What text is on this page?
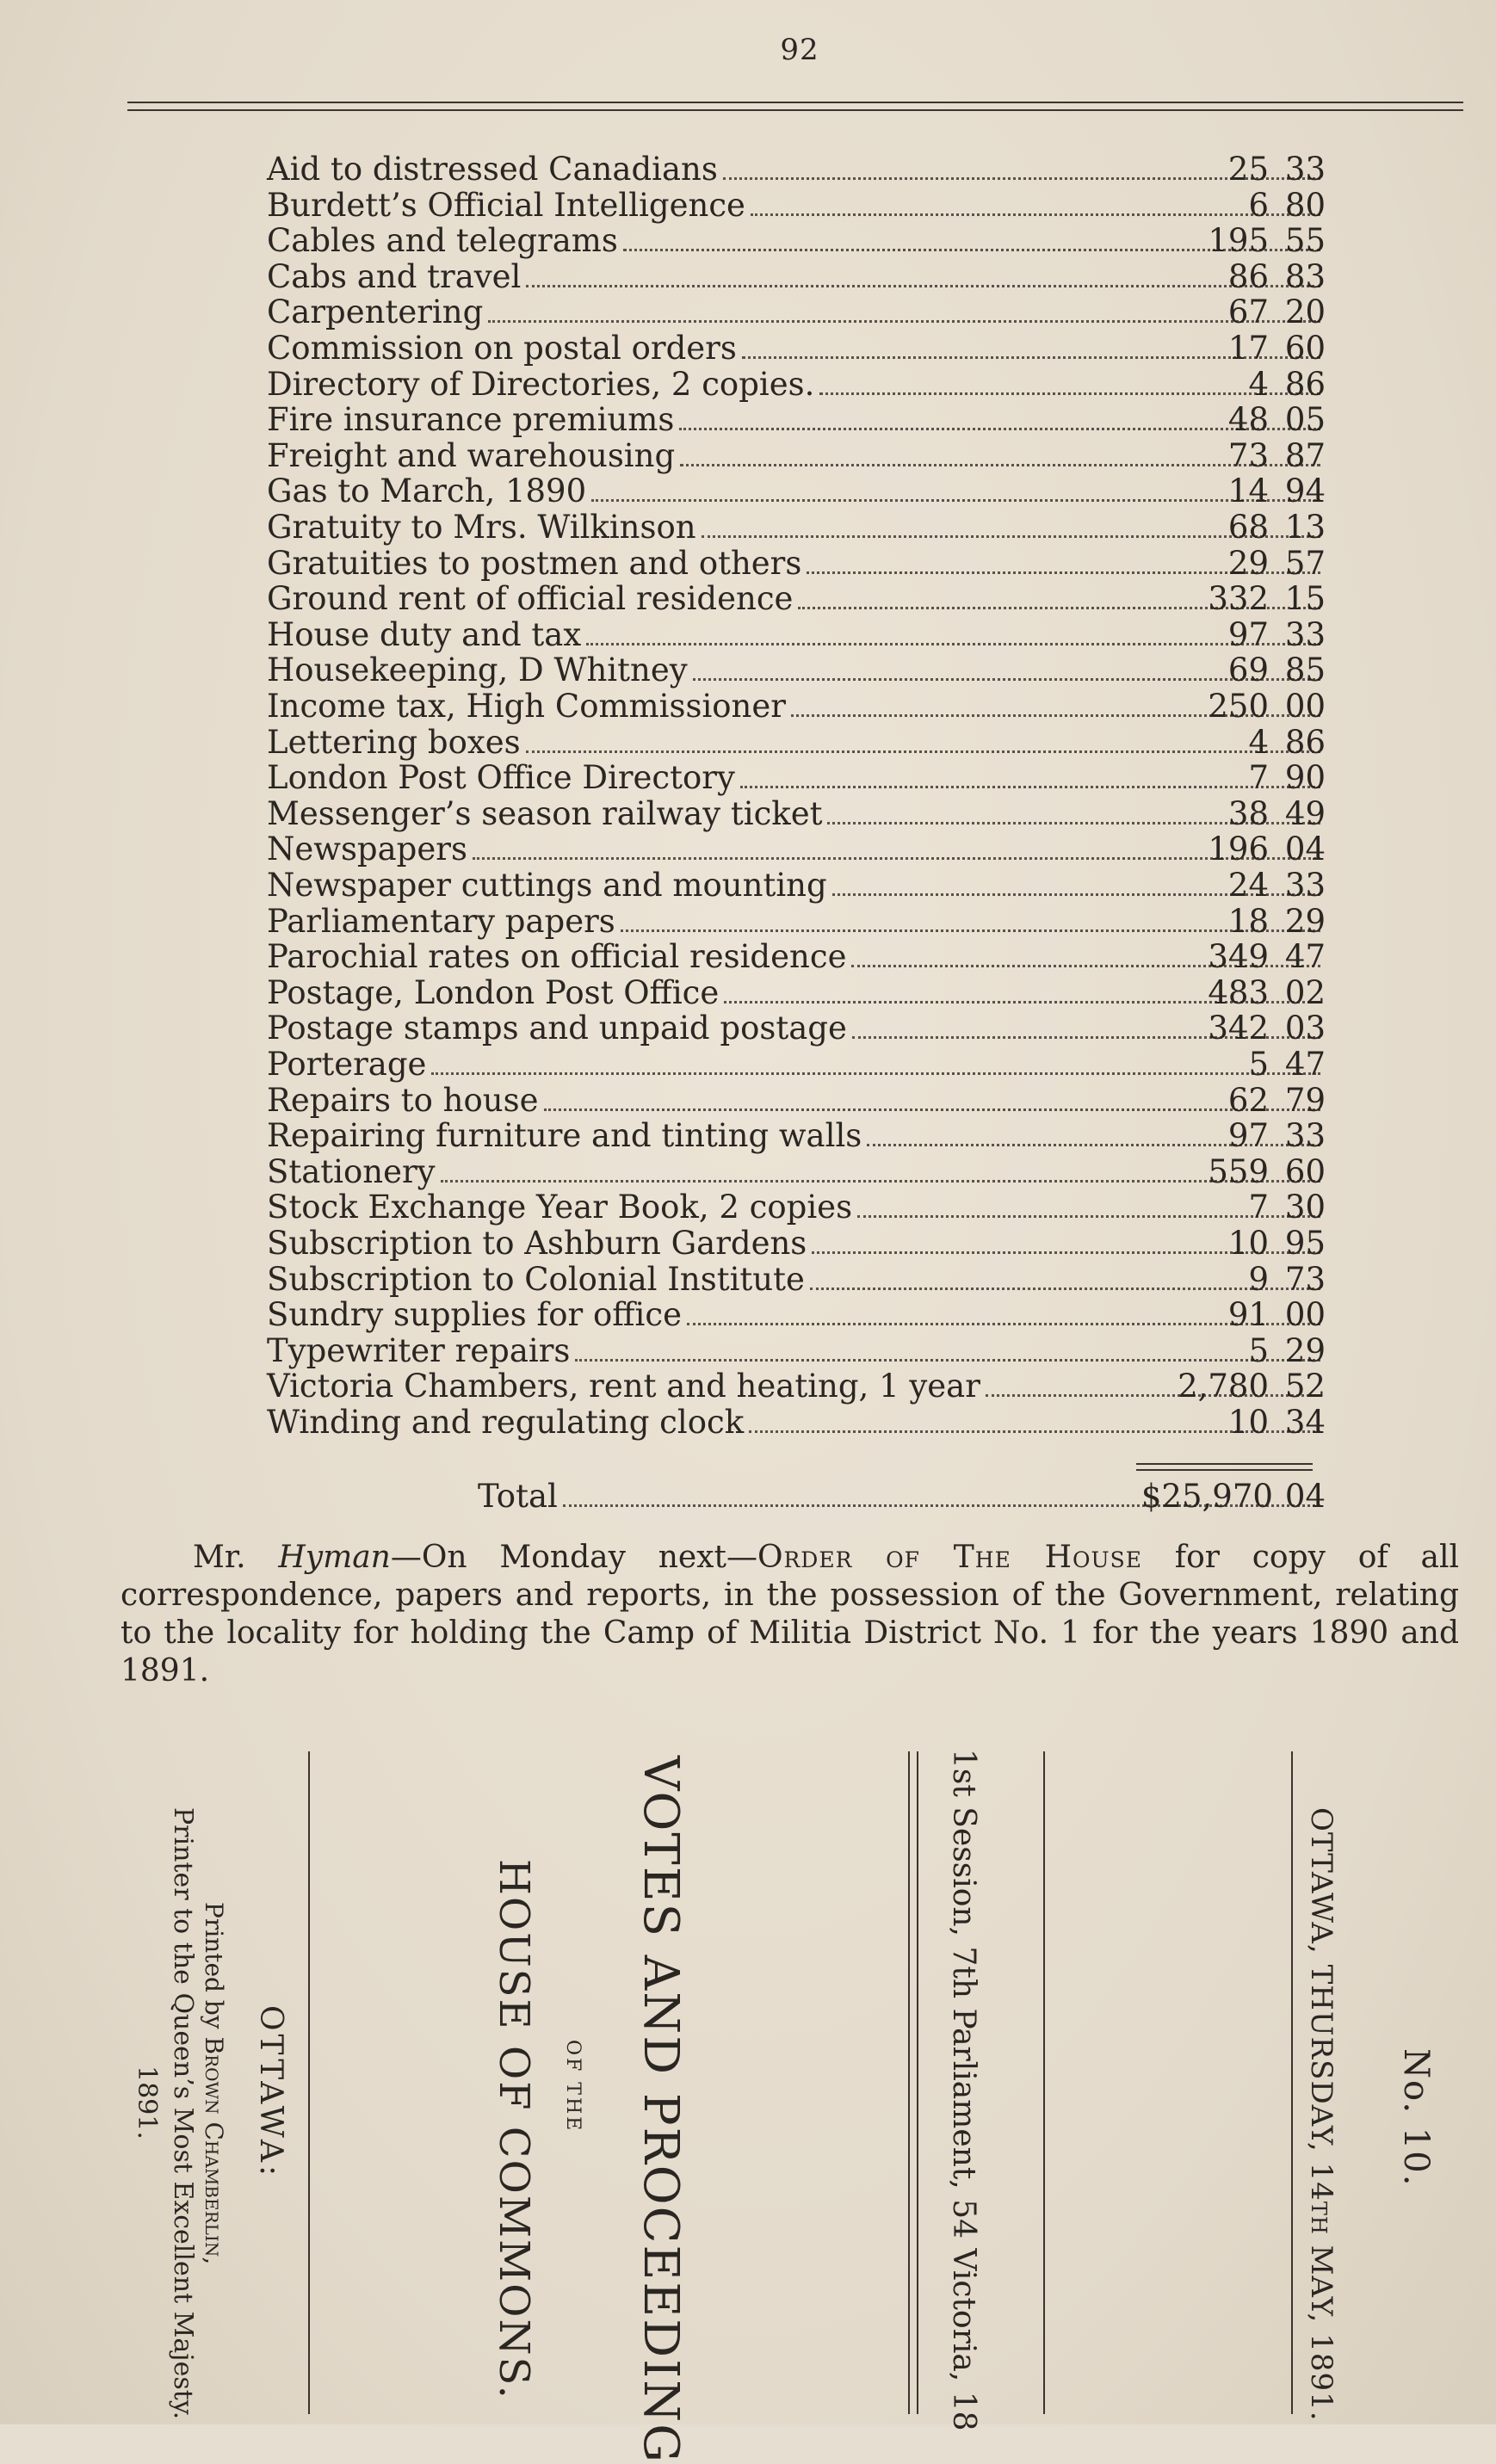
92
Aid to distressed Canadians	25 33
Burdett’s Official Intelligence	6 80
Cables and telegrams	195 55
Cabs and travel	86 83
Carpentering	67 20
Commission on postal orders	17 60
Directory of Directories, 2 copies.	4 86
Fire insurance premiums	48 05
Freight and warehousing	73 87
Gas to March, 1890	14 94
Gratuity to Mrs. Wilkinson	68 13
Gratuities to postmen and others	29 57
Ground rent of official residence	332 15
House duty and tax	97 33
Housekeeping, D Whitney	69 85
Income tax, High Commissioner	250 00
Lettering boxes	4 86
London Post Office Directory	7 90
Messenger’s season railway ticket	38 49
Newspapers	196 04
Newspaper cuttings and mounting	24 33
Parliamentary papers	18 29
Parochial rates on official residence	349 47
Postage, London Post Office	483 02
Postage stamps and unpaid postage	342 03
Porterage	5 47
Repairs to house	62 79
Repairing furniture and tinting walls	97 33
Stationery	559 60
Stock Exchange Year Book, 2 copies	7 30
Subscription to Ashburn Gardens	10 95
Subscription to Colonial Institute	9 73
Sundry supplies for office	91 00
Typewriter repairs	5 29
Victoria Chambers, rent and heating, 1 year	2,780 52
Winding and regulating clock	10 34
Total	$25,970 04

Mr. Hyman—On Monday next—Order of The House for copy of all correspondence, papers and reports, in the possession of the Government, relating to the locality for holding the Camp of Militia District No. 1 for the years 1890 and 1891.

No. 10.
OTTAWA, THURSDAY, 14TH MAY, 1891.
1st Session, 7th Parliament, 54 Victoria, 18
VOTES AND PROCEEDING
OF THE
HOUSE OF COMMONS.
OTTAWA:
Printed by Brown Chamberlin,
Printer to the Queen’s Most Excellent Majesty.
1891.
